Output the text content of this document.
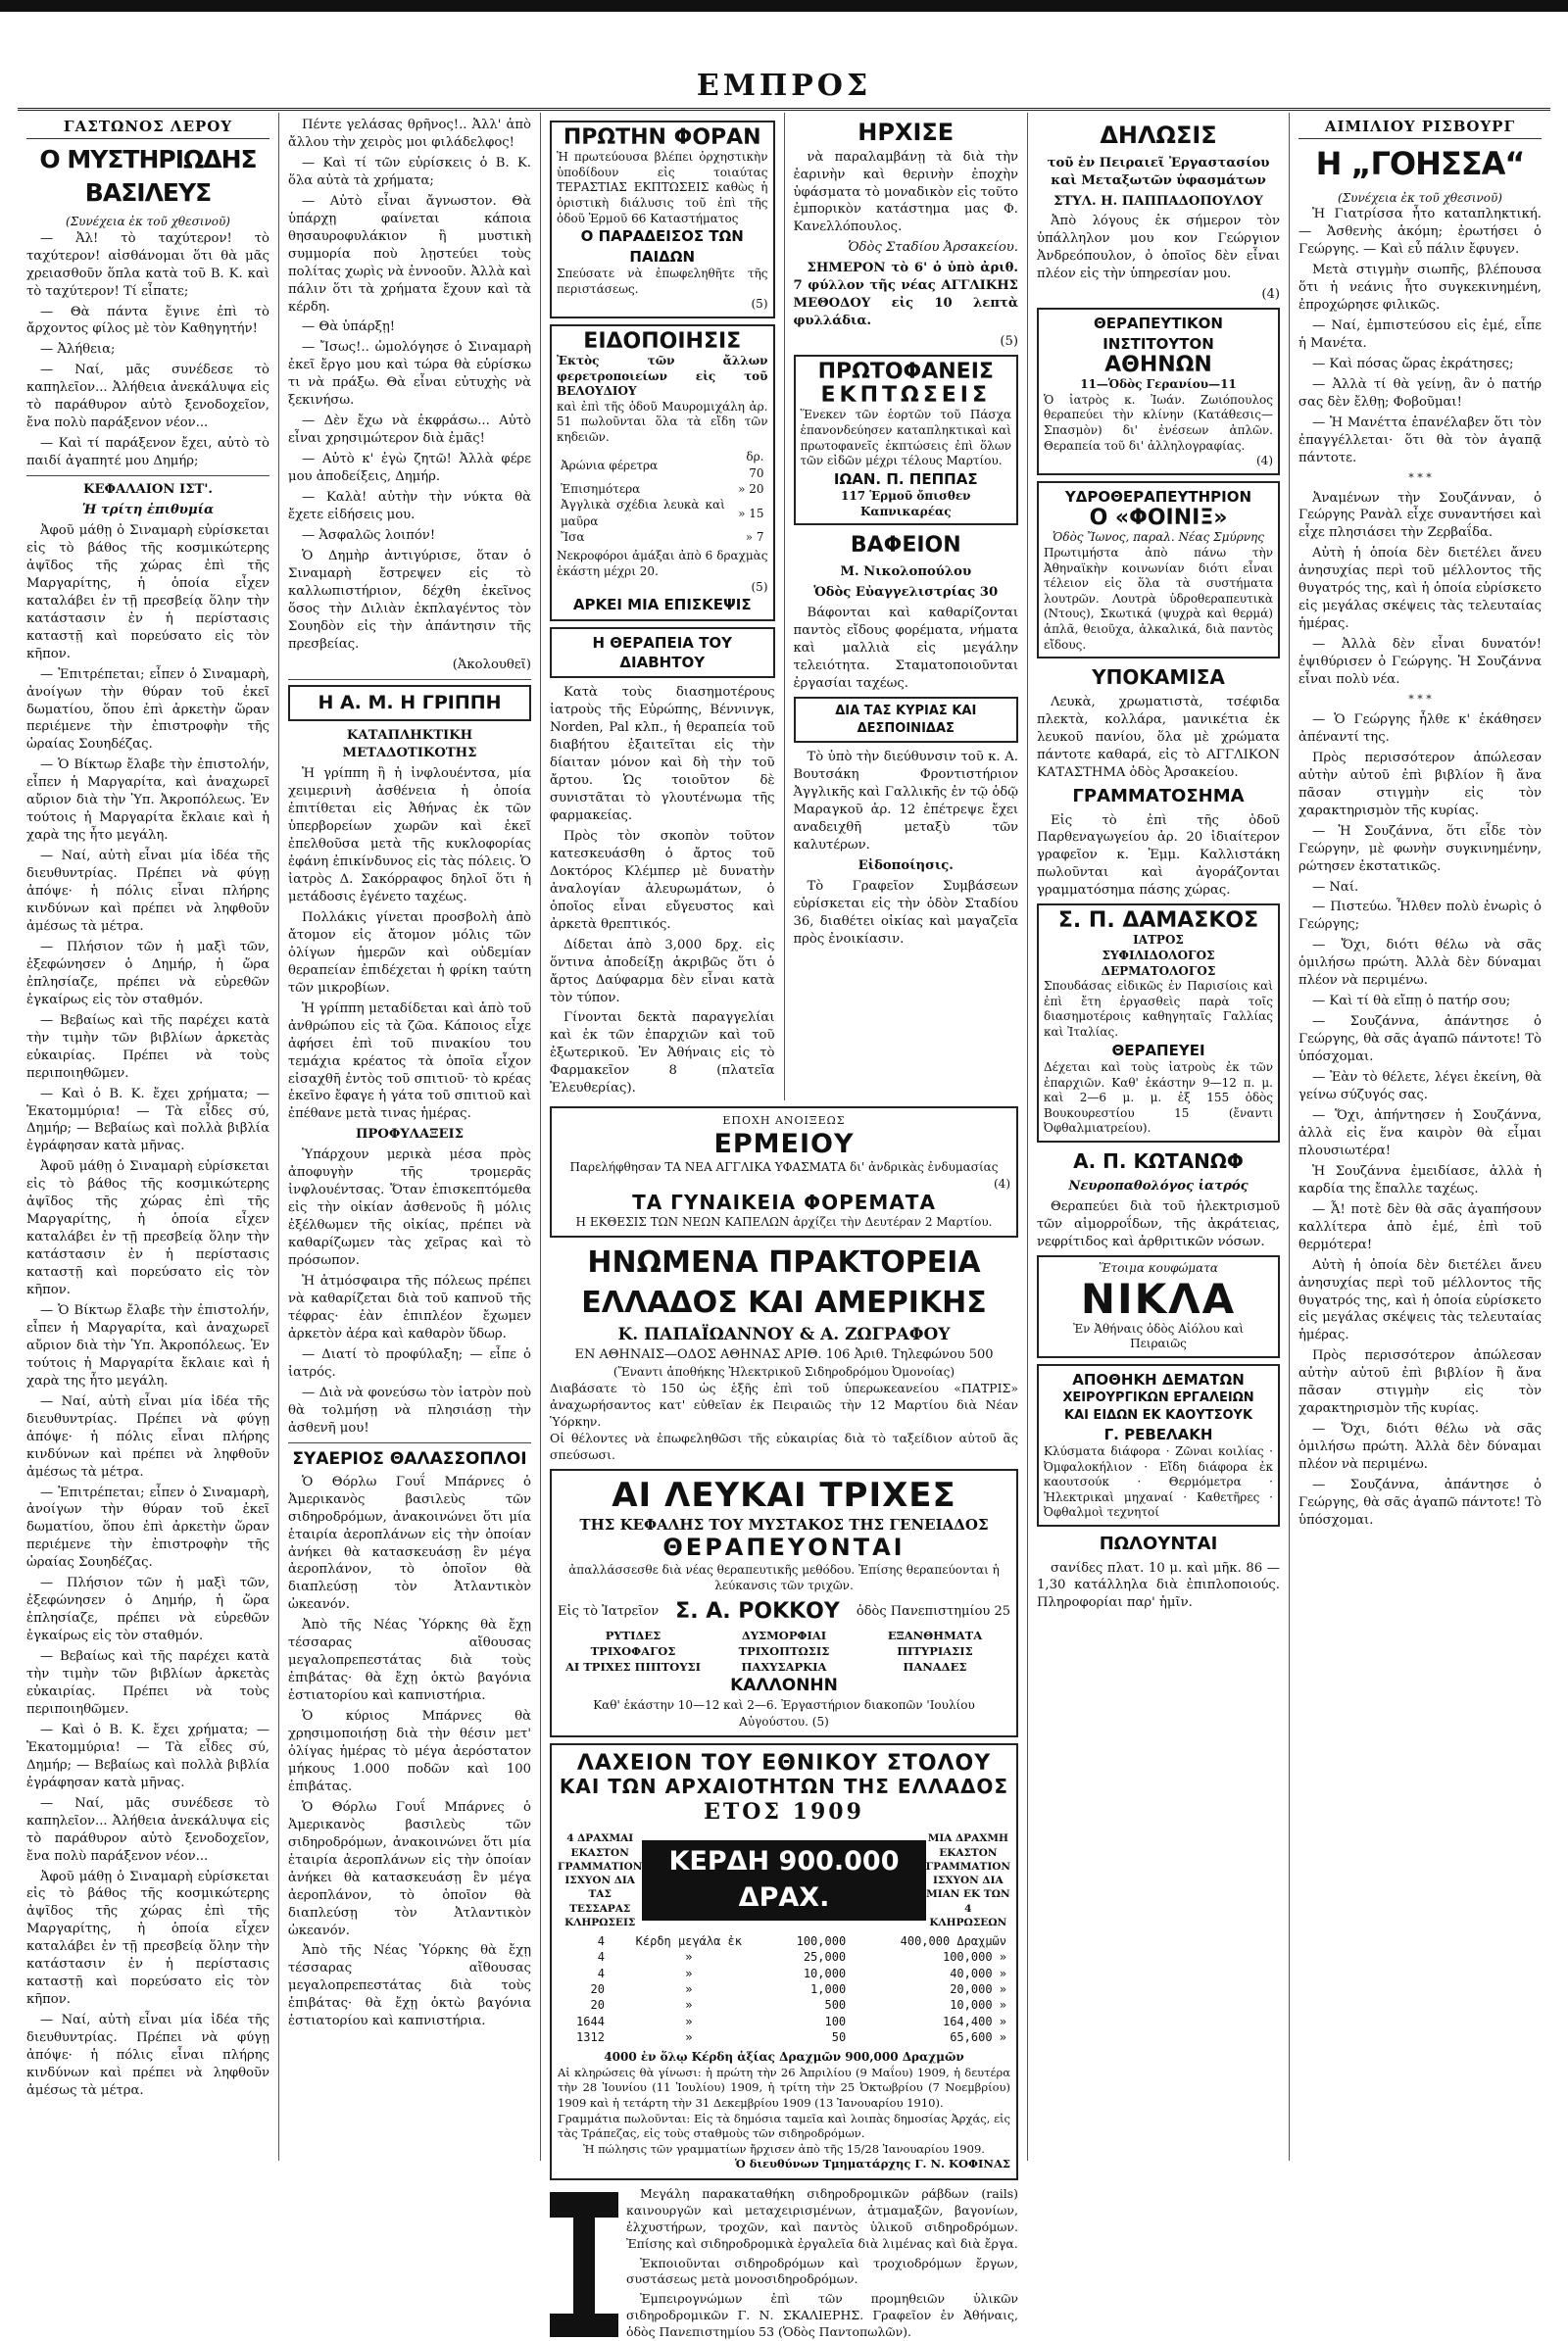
ΕΜΠΡΟΣ
ΓΑΣΤΩΝΟΣ ΛΕΡΟΥ
Ο ΜΥΣΤΗΡΙΩΔΗΣ ΒΑΣΙΛΕΥΣ
(Συνέχεια ἐκ τοῦ χθεσινοῦ)

— Ἀλ! τὸ ταχύτερον! τὸ ταχύτερον! αἰσθάνομαι ὅτι θὰ μᾶς χρειασθοῦν ὅπλα κατὰ τοῦ Β. Κ. καὶ τὸ ταχύτερον! Τί εἶπατε;

— Θὰ πάντα ἔγινε ἐπὶ τὸ ἄρχοντος φίλος μὲ τὸν Καθηγητήν!

— Ἀλήθεια;

— Ναί, μᾶς συνέδεσε τὸ καπηλεῖον... Ἀλήθεια ἀνεκάλυψα εἰς τὸ παράθυρον αὐτὸ ξενοδοχεῖον, ἔνα πολὺ παράξενον νέον...

— Καὶ τί παράξενον ἔχει, αὐτὸ τὸ παιδί ἀγαπητέ μου Δημήρ;

ΚΕΦΑΛΑΙΟΝ ΙΣΤ'.

Ἡ τρίτη ἐπιθυμία

Ἀφοῦ μάθῃ ὁ Σιναμαρὴ εὑρίσκεται εἰς τὸ βάθος τῆς κοσμικώτερης ἀψῖδος τῆς χώρας ἐπὶ τῆς Μαργαρίτης, ἡ ὁποία εἶχεν καταλάβει ἐν τῇ πρεσβείᾳ ὅλην τὴν κατάστασιν ἐν ἡ περίστασις καταστῇ καὶ πορεύσατο εἰς τὸν κῆπον.

— Ἐπιτρέπεται; εἶπεν ὁ Σιναμαρὴ, ἀνοίγων τὴν θύραν τοῦ ἐκεῖ δωματίου, ὅπου ἐπὶ ἀρκετὴν ὥραν περιέμενε τὴν ἐπιστροφὴν τῆς ὡραίας Σουηδέζας.

— Ὁ Βίκτωρ ἔλαβε τὴν ἐπιστολήν, εἶπεν ἡ Μαργαρίτα, καὶ ἀναχωρεῖ αὔριον διὰ τὴν Ὑπ. Ἀκροπόλεως. Ἐν τούτοις ἠ Μαργαρίτα ἔκλαιε καὶ ἡ χαρὰ της ἦτο μεγάλη.

— Ναί, αὐτὴ εἶναι μία ἰδέα τῆς διευθυντρίας. Πρέπει νὰ φύγῃ ἀπόψε· ἡ πόλις εἶναι πλήρης κινδύνων καὶ πρέπει νὰ ληφθοῦν ἀμέσως τὰ μέτρα.

— Πλήσιον τῶν ἡ μαξὶ τῶν, ἐξεφώνησεν ὁ Δημήρ, ἡ ὥρα ἐπλησίαζε, πρέπει νὰ εὑρεθῶν ἐγκαίρως εἰς τὸν σταθμόν.

— Βεβαίως καὶ τῆς παρέχει κατὰ τὴν τιμὴν τῶν βιβλίων ἀρκετὰς εὐκαιρίας. Πρέπει νὰ τοὺς περιποιηθῶμεν.

— Καὶ ὁ Β. Κ. ἔχει χρήματα; — Ἑκατομμύρια! — Τὰ εἶδες σύ, Δημήρ; — Βεβαίως καὶ πολλὰ βιβλία ἐγράφησαν κατὰ μῆνας.

Ἀφοῦ μάθῃ ὁ Σιναμαρὴ εὑρίσκεται εἰς τὸ βάθος τῆς κοσμικώτερης ἀψῖδος τῆς χώρας ἐπὶ τῆς Μαργαρίτης, ἡ ὁποία εἶχεν καταλάβει ἐν τῇ πρεσβείᾳ ὅλην τὴν κατάστασιν ἐν ἡ περίστασις καταστῇ καὶ πορεύσατο εἰς τὸν κῆπον.

— Ὁ Βίκτωρ ἔλαβε τὴν ἐπιστολήν, εἶπεν ἡ Μαργαρίτα, καὶ ἀναχωρεῖ αὔριον διὰ τὴν Ὑπ. Ἀκροπόλεως. Ἐν τούτοις ἠ Μαργαρίτα ἔκλαιε καὶ ἡ χαρὰ της ἦτο μεγάλη.

— Ναί, αὐτὴ εἶναι μία ἰδέα τῆς διευθυντρίας. Πρέπει νὰ φύγῃ ἀπόψε· ἡ πόλις εἶναι πλήρης κινδύνων καὶ πρέπει νὰ ληφθοῦν ἀμέσως τὰ μέτρα.

— Ἐπιτρέπεται; εἶπεν ὁ Σιναμαρὴ, ἀνοίγων τὴν θύραν τοῦ ἐκεῖ δωματίου, ὅπου ἐπὶ ἀρκετὴν ὥραν περιέμενε τὴν ἐπιστροφὴν τῆς ὡραίας Σουηδέζας.

— Πλήσιον τῶν ἡ μαξὶ τῶν, ἐξεφώνησεν ὁ Δημήρ, ἡ ὥρα ἐπλησίαζε, πρέπει νὰ εὑρεθῶν ἐγκαίρως εἰς τὸν σταθμόν.

— Βεβαίως καὶ τῆς παρέχει κατὰ τὴν τιμὴν τῶν βιβλίων ἀρκετὰς εὐκαιρίας. Πρέπει νὰ τοὺς περιποιηθῶμεν.

— Καὶ ὁ Β. Κ. ἔχει χρήματα; — Ἑκατομμύρια! — Τὰ εἶδες σύ, Δημήρ; — Βεβαίως καὶ πολλὰ βιβλία ἐγράφησαν κατὰ μῆνας.

— Ναί, μᾶς συνέδεσε τὸ καπηλεῖον... Ἀλήθεια ἀνεκάλυψα εἰς τὸ παράθυρον αὐτὸ ξενοδοχεῖον, ἔνα πολὺ παράξενον νέον...

Ἀφοῦ μάθῃ ὁ Σιναμαρὴ εὑρίσκεται εἰς τὸ βάθος τῆς κοσμικώτερης ἀψῖδος τῆς χώρας ἐπὶ τῆς Μαργαρίτης, ἡ ὁποία εἶχεν καταλάβει ἐν τῇ πρεσβείᾳ ὅλην τὴν κατάστασιν ἐν ἡ περίστασις καταστῇ καὶ πορεύσατο εἰς τὸν κῆπον.

— Ναί, αὐτὴ εἶναι μία ἰδέα τῆς διευθυντρίας. Πρέπει νὰ φύγῃ ἀπόψε· ἡ πόλις εἶναι πλήρης κινδύνων καὶ πρέπει νὰ ληφθοῦν ἀμέσως τὰ μέτρα.

Πέντε γελάσας θρῆνος!.. Ἀλλ' ἀπὸ ἄλλου τὴν χειρὸς μοι φιλάδελφος!

— Καὶ τί τῶν εὑρίσκεις ὁ Β. Κ. ὅλα αὐτὰ τὰ χρήματα;

— Αὐτὸ εἶναι ἄγνωστον. Θὰ ὑπάρχῃ φαίνεται κάποια θησαυροφυλάκιον ἢ μυστικὴ συμμορία ποὺ λῃστεύει τοὺς πολίτας χωρὶς νὰ ἐννοοῦν. Ἀλλὰ καὶ πάλιν ὅτι τὰ χρήματα ἔχουν καὶ τὰ κέρδη.

— Θὰ ὑπάρξῃ!

— Ἴσως!.. ὡμολόγησε ὁ Σιναμαρὴ ἐκεῖ ἔργο μου καὶ τώρα θὰ εὑρίσκω τι νὰ πράξω. Θὰ εἶναι εὐτυχὴς νὰ ξεκινήσω.

— Δὲν ἔχω νὰ ἐκφράσω... Αὐτὸ εἶναι χρησιμώτερον διὰ ἐμᾶς!

— Αὐτὸ κ' ἐγὼ ζητῶ! Ἀλλὰ φέρε μου ἀποδείξεις, Δημήρ.

— Καλὰ! αὐτὴν τὴν νύκτα θὰ ἔχετε εἰδήσεις μου.

— Ἀσφαλῶς λοιπόν!

Ὁ Δημὴρ ἀντιγύρισε, ὅταν ὁ Σιναμαρὴ ἔστρεψεν εἰς τὸ καλλωπιστήριον, δέχθη ἐκεῖνος ὅσος τὴν Διλιὰν ἐκπλαγέντος τὸν Σουηδὸν εἰς τὴν ἀπάντησιν τῆς πρεσβείας.

(Ἀκολουθεῖ)

Η Α. Μ. Η ΓΡΙΠΠΗ
ΚΑΤΑΠΛΗΚΤΙΚΗ ΜΕΤΑΔΟΤΙΚΟΤΗΣ

Ἡ γρίππη ἢ ἡ ἰνφλουέντσα, μία χειμερινὴ ἀσθένεια ἡ ὁποία ἐπιτίθεται εἰς Ἀθήνας ἐκ τῶν ὑπερβορείων χωρῶν καὶ ἐκεῖ ἐπελθοῦσα μετὰ τῆς κυκλοφορίας ἐφάνη ἐπικίνδυνος εἰς τὰς πόλεις. Ὁ ἰατρὸς Δ. Σακόρραφος δηλοῖ ὅτι ἡ μετάδοσις ἐγένετο ταχέως.

Πολλάκις γίνεται προσβολὴ ἀπὸ ἄτομον εἰς ἄτομον μόλις τῶν ὀλίγων ἡμερῶν καὶ οὐδεμίαν θεραπείαν ἐπιδέχεται ἡ φρίκη ταύτη τῶν μικροβίων.

Ἡ γρίππη μεταδίδεται καὶ ἀπὸ τοῦ ἀνθρώπου εἰς τὰ ζῶα. Κάποιος εἶχε ἀφήσει ἐπὶ τοῦ πινακίου του τεμάχια κρέατος τὰ ὁποῖα εἶχον εἰσαχθῆ ἐντὸς τοῦ σπιτιοῦ· τὸ κρέας ἐκεῖνο ἔφαγε ἡ γάτα τοῦ σπιτιοῦ καὶ ἐπέθανε μετὰ τινας ἡμέρας.

ΠΡΟΦΥΛΑΞΕΙΣ

Ὑπάρχουν μερικὰ μέσα πρὸς ἀποφυγὴν τῆς τρομερᾶς ἰνφλουέντσας. Ὅταν ἐπισκεπτόμεθα εἰς τὴν οἰκίαν ἀσθενοῦς ἢ μόλις ἐξέλθωμεν τῆς οἰκίας, πρέπει νὰ καθαρίζωμεν τὰς χεῖρας καὶ τὸ πρόσωπον.

Ἡ ἀτμόσφαιρα τῆς πόλεως πρέπει νὰ καθαρίζεται διὰ τοῦ καπνοῦ τῆς τέφρας· ἐὰν ἐπιπλέον ἔχωμεν ἀρκετὸν ἀέρα καὶ καθαρὸν ὕδωρ.

— Διατί τὸ προφύλαξη; — εἶπε ὁ ἰατρός.

— Διὰ νὰ φονεύσω τὸν ἰατρὸν ποὺ θὰ τολμήσῃ νὰ πλησιάσῃ τὴν ἀσθενῆ μου!

ΣΥΑΕΡΙΟΣ ΘΑΛΑΣΣΟΠΛΟΙ

Ὁ Θόρλω Γουΐ Μπάρνες ὁ Ἀμερικανὸς βασιλεὺς τῶν σιδηροδρόμων, ἀνακοινώνει ὅτι μία ἑταιρία ἀεροπλάνων εἰς τὴν ὁποίαν ἀνήκει θὰ κατασκευάσῃ ἓν μέγα ἀεροπλάνον, τὸ ὁποῖον θὰ διαπλεύσῃ τὸν Ἀτλαντικὸν ὠκεανόν.

Ἀπὸ τῆς Νέας Ὑόρκης θὰ ἔχῃ τέσσαρας αἴθουσας μεγαλοπρεπεστάτας διὰ τοὺς ἐπιβάτας· θὰ ἔχῃ ὀκτὼ βαγόνια ἑστιατορίου καὶ καπνιστήρια.

Ὁ κύριος Μπάρνες θὰ χρησιμοποιήσῃ διὰ τὴν θέσιν μετ' ὀλίγας ἡμέρας τὸ μέγα ἀερόστατον μήκους 1.000 ποδῶν καὶ 100 ἐπιβάτας.

Ὁ Θόρλω Γουΐ Μπάρνες ὁ Ἀμερικανὸς βασιλεὺς τῶν σιδηροδρόμων, ἀνακοινώνει ὅτι μία ἑταιρία ἀεροπλάνων εἰς τὴν ὁποίαν ἀνήκει θὰ κατασκευάσῃ ἓν μέγα ἀεροπλάνον, τὸ ὁποῖον θὰ διαπλεύσῃ τὸν Ἀτλαντικὸν ὠκεανόν.

Ἀπὸ τῆς Νέας Ὑόρκης θὰ ἔχῃ τέσσαρας αἴθουσας μεγαλοπρεπεστάτας διὰ τοὺς ἐπιβάτας· θὰ ἔχῃ ὀκτὼ βαγόνια ἑστιατορίου καὶ καπνιστήρια.

ΠΡΩΤΗΝ ΦΟΡΑΝ
Ἡ πρωτεύουσα βλέπει ὀρχηστικὴν ὑποδίδουν εἰς τοιαύτας ΤΕΡΑΣΤΙΑΣ ΕΚΠΤΩΣΕΙΣ καθὼς ἡ ὀριστικὴ διάλυσις τοῦ ἐπὶ τῆς ὁδοῦ Ἑρμοῦ 66 Καταστήματος
Ο ΠΑΡΑΔΕΙΣΟΣ ΤΩΝ ΠΑΙΔΩΝ
Σπεύσατε νὰ ἐπωφεληθῆτε τῆς περιστάσεως.
(5)
ΕΙΔΟΠΟΙΗΣΙΣ
Ἐκτὸς τῶν ἄλλων φερετροποιείων εἰς τοῦ ΒΕΛΟΥΔΙΟΥ
καὶ ἐπὶ τῆς ὁδοῦ Μαυρομιχάλη ἀρ. 51 πωλοῦνται ὅλα τὰ εἴδη τῶν κηδειῶν.
Ἀρώνια φέρετρα	δρ. 70
Ἐπισημότερα	» 20
Ἀγγλικὰ σχέδια λευκὰ καὶ μαῦρα	» 15
Ἴσα	» 7
Νεκροφόροι ἀμάξαι ἀπὸ 6 δραχμὰς ἑκάστη μέχρι 20.
(5)
ΑΡΚΕΙ ΜΙΑ ΕΠΙΣΚΕΨΙΣ
Η ΘΕΡΑΠΕΙΑ ΤΟΥ ΔΙΑΒΗΤΟΥ

Κατὰ τοὺς διασημοτέρους ἰατροὺς τῆς Εὐρώπης, Βέννινγκ, Norden, Pal κλπ., ἡ θεραπεία τοῦ διαβήτου ἐξαιτεῖται εἰς τὴν δίαιταν μόνον καὶ δὴ τὴν τοῦ ἄρτου. Ὡς τοιοῦτον δὲ συνιστᾶται τὸ γλουτένωμα τῆς φαρμακείας.

Πρὸς τὸν σκοπὸν τοῦτον κατεσκευάσθη ὁ ἄρτος τοῦ Δοκτόρος Κλέμπερ μὲ δυνατὴν ἀναλογίαν ἀλευρωμάτων, ὁ ὁποῖος εἶναι εὔγευστος καὶ ἀρκετὰ θρεπτικός.

Δίδεται ἀπὸ 3,000 δρχ. εἰς ὅντινα ἀποδείξῃ ἀκριβῶς ὅτι ὁ ἄρτος Δαύφαρμα δὲν εἶναι κατὰ τὸν τύπον.

Γίνονται δεκτὰ παραγγελίαι καὶ ἐκ τῶν ἐπαρχιῶν καὶ τοῦ ἐξωτερικοῦ. Ἐν Ἀθήναις εἰς τὸ Φαρμακεῖον 8 (πλατεῖα Ἐλευθερίας).

ΗΡΧΙΣΕ

νὰ παραλαμβάνῃ τὰ διὰ τὴν ἐαρινὴν καὶ θερινὴν ἐποχὴν ὑφάσματα τὸ μοναδικὸν εἰς τοῦτο ἐμπορικὸν κατάστημα μας Φ. Κανελλόπουλος.

Ὁδὸς Σταδίου Ἀρσακείου.

ΣΗΜΕΡΟΝ τὸ 6' ὁ ὑπὸ ἀριθ. 7 φύλλον τῆς νέας ΑΓΓΛΙΚΗΣ ΜΕΘΟΔΟΥ εἰς 10 λεπτὰ φυλλάδια.

(5)

ΠΡΩΤΟΦΑΝΕΙΣ
ΕΚΠΤΩΣΕΙΣ
Ἕνεκεν τῶν ἑορτῶν τοῦ Πάσχα ἐπανονδεύησεν καταπληκτικαὶ καὶ πρωτοφανεῖς ἐκπτώσεις ἐπὶ ὅλων τῶν εἰδῶν μέχρι τέλους Μαρτίου.
ΙΩΑΝ. Π. ΠΕΠΠΑΣ
117 Ἑρμοῦ ὄπισθεν Καπνικαρέας
ΒΑΦΕΙΟΝ

Μ. Νικολοπούλου

Ὁδὸς Εὐαγγελιστρίας 30

Βάφονται καὶ καθαρίζονται παντὸς εἴδους φορέματα, νήματα καὶ μαλλιὰ εἰς μεγάλην τελειότητα. Σταματοποιοῦνται ἐργασίαι ταχέως.

ΔΙΑ ΤΑΣ ΚΥΡΙΑΣ ΚΑΙ ΔΕΣΠΟΙΝΙΔΑΣ

Τὸ ὑπὸ τὴν διεύθυνσιν τοῦ κ. Α. Βουτσάκη Φροντιστήριον Ἀγγλικῆς καὶ Γαλλικῆς ἐν τῷ ὁδῷ Μαραγκοῦ ἀρ. 12 ἐπέτρεψε ἔχει αναδειχθῆ μεταξὺ τῶν καλυτέρων.

Εἰδοποίησις.

Τὸ Γραφεῖον Συμβάσεων εὑρίσκεται εἰς τὴν ὁδὸν Σταδίου 36, διαθέτει οἰκίας καὶ μαγαζεῖα πρὸς ἐνοικίασιν.

ΕΠΟΧΗ ΑΝΟΙΞΕΩΣ
ΕΡΜΕΙΟΥ
Παρελήφθησαν ΤΑ ΝΕΑ ΑΓΓΛΙΚΑ ΥΦΑΣΜΑΤΑ δι' ἀνδρικὰς ἐνδυμασίας
(4)
ΤΑ ΓΥΝΑΙΚΕΙΑ ΦΟΡΕΜΑΤΑ
Η ΕΚΘΕΣΙΣ ΤΩΝ ΝΕΩΝ ΚΑΠΕΛΩΝ ἀρχίζει τὴν Δευτέραν 2 Μαρτίου.
ΗΝΩΜΕΝΑ ΠΡΑΚΤΟΡΕΙΑ
ΕΛΛΑΔΟΣ ΚΑΙ ΑΜΕΡΙΚΗΣ
Κ. ΠΑΠΑΪΩΑΝΝΟΥ & Α. ΖΩΓΡΑΦΟΥ
ΕΝ ΑΘΗΝΑΙΣ—ΟΔΟΣ ΑΘΗΝΑΣ ΑΡΙΘ. 106 Ἀριθ. Τηλεφώνου 500
(Ἔναντι ἀποθήκης Ἠλεκτρικοῦ Σιδηροδρόμου Ὀμονοίας)
Διαβάσατε τὸ 150 ὡς ἑξῆς ἐπὶ τοῦ ὑπερωκεανείου «ΠΑΤΡΙΣ» ἀναχωρήσαντος κατ' εὐθεῖαν ἐκ Πειραιῶς τὴν 12 Μαρτίου διὰ Νέαν Ὑόρκην.
Οἱ θέλοντες νὰ ἐπωφεληθῶσι τῆς εὐκαιρίας διὰ τὸ ταξείδιον αὐτοῦ ἂς σπεύσωσι.
ΑΙ ΛΕΥΚΑΙ ΤΡΙΧΕΣ
ΤΗΣ ΚΕΦΑΛΗΣ ΤΟΥ ΜΥΣΤΑΚΟΣ ΤΗΣ ΓΕΝΕΙΑΔΟΣ
ΘΕΡΑΠΕΥΟΝΤΑΙ
ἀπαλλάσσεσθε διὰ νέας θεραπευτικῆς μεθόδου. Ἐπίσης θεραπεύονται ἡ λεύκανσις τῶν τριχῶν.
Εἰς τὸ Ἰατρεῖον Σ. Α. ΡΟΚΚΟΥ ὁδὸς Πανεπιστημίου 25
ΡΥΤΙΔΕΣ	ΔΥΣΜΟΡΦΙΑΙ	ΕΞΑΝΘΗΜΑΤΑ
ΤΡΙΧΟΦΑΓΟΣ	ΤΡΙΧΟΠΤΩΣΙΣ	ΠΙΤΥΡΙΑΣΙΣ
ΑΙ ΤΡΙΧΕΣ ΠΙΠΤΟΥΣΙ	ΠΑΧΥΣΑΡΚΙΑ	ΠΑΝΑΔΕΣ
ΚΑΛΛΟΝΗΝ
Καθ' ἑκάστην 10—12 καὶ 2—6. Ἐργαστήριον διακοπῶν 'Ιουλίου Αὐγούστου. (5)
ΛΑΧΕΙΟΝ ΤΟΥ ΕΘΝΙΚΟΥ ΣΤΟΛΟΥ
ΚΑΙ ΤΩΝ ΑΡΧΑΙΟΤΗΤΩΝ ΤΗΣ ΕΛΛΑΔΟΣ
ΕΤΟΣ 1909
4 ΔΡΑΧΜΑΙ ΕΚΑΣΤΟΝ ΓΡΑΜΜΑΤΙΟΝ ΙΣΧΥΟΝ ΔΙΑ ΤΑΣ ΤΕΣΣΑΡΑΣ ΚΛΗΡΩΣΕΙΣ
ΚΕΡΔΗ 900.000 ΔΡΑΧ.
ΜΙΑ ΔΡΑΧΜΗ ΕΚΑΣΤΟΝ ΓΡΑΜΜΑΤΙΟΝ ΙΣΧΥΟΝ ΔΙΑ ΜΙΑΝ ΕΚ ΤΩΝ 4 ΚΛΗΡΩΣΕΩΝ
4	Κέρδη μεγάλα ἐκ	100,000	400,000 Δραχμῶν
4	»	25,000	100,000 »
4	»	10,000	40,000 »
20	»	1,000	20,000 »
20	»	500	10,000 »
1644	»	100	164,400 »
1312	»	50	65,600 »
4000 ἐν ὅλῳ Κέρδη ἀξίας Δραχμῶν 900,000 Δραχμῶν
Αἱ κληρώσεις θὰ γίνωσι: ἡ πρώτη τὴν 26 Ἀπριλίου (9 Μαΐου) 1909, ἡ δευτέρα τὴν 28 Ἰουνίου (11 Ἰουλίου) 1909, ἡ τρίτη τὴν 25 Ὀκτωβρίου (7 Νοεμβρίου) 1909 καὶ ἡ τετάρτη τὴν 31 Δεκεμβρίου 1909 (13 Ἰανουαρίου 1910).
Γραμμάτια πωλοῦνται: Εἰς τὰ δημόσια ταμεῖα καὶ λοιπὰς δημοσίας Ἀρχάς, εἰς τὰς Τράπεζας, εἰς τοὺς σταθμοὺς τῶν σιδηροδρόμων.
Ἡ πώλησις τῶν γραμματίων ἤρχισεν ἀπὸ τῆς 15/28 Ἰανουαρίου 1909.
Ὁ διευθύνων Τμηματάρχης Γ. Ν. ΚΟΦΙΝΑΣ

Μεγάλη παρακαταθήκη σιδηροδρομικῶν ράβδων (rails) καινουργῶν καὶ μεταχειρισμένων, ἁτμαμαξῶν, βαγονίων, ἐλχυστήρων, τροχῶν, καὶ παντὸς ὑλικοῦ σιδηροδρόμων. Ἐπίσης καὶ σιδηροδρομικὰ ἐργαλεῖα διὰ λιμένας καὶ διὰ ἔργα.

Ἐκποιοῦνται σιδηροδρόμων καὶ τροχιοδρόμων ἔργων, συστάσεως μετὰ μονοσιδηροδρόμων.

Ἐμπειρογνώμων ἐπὶ τῶν προμηθειῶν ὑλικῶν σιδηροδρομικῶν Γ. Ν. ΣΚΑΛΙΕΡΗΣ. Γραφεῖον ἐν Ἀθήναις, ὁδὸς Πανεπιστημίου 53 (Ὁδὸς Παντοπωλῶν).

ΔΗΛΩΣΙΣ

τοῦ ἐν Πειραιεῖ Ἐργαστασίου καὶ Μεταξωτῶν ὑφασμάτων

ΣΤΥΛ. Η. ΠΑΠΠΑΔΟΠΟΥΛΟΥ

Ἀπὸ λόγους ἐκ σήμερον τὸν ὑπάλληλον μου κον Γεώργιον Ἀνδρεόπουλον, ὁ ὁποῖος δὲν εἶναι πλέον εἰς τὴν ὑπηρεσίαν μου.

(4)

ΘΕΡΑΠΕΥΤΙΚΟΝ ΙΝΣΤΙΤΟΥΤΟΝ
ΑΘΗΝΩΝ
11—Ὁδὸς Γερανίου—11
Ὁ ἰατρὸς κ. Ἰωάν. Ζωιόπουλος θεραπεύει τὴν κλίνην (Κατάθεσις—Σπασμὸν) δι' ἐνέσεων ἀπλῶν. Θεραπεία τοῦ δι' ἀλληλογραφίας.
(4)
ΥΔΡΟΘΕΡΑΠΕΥΤΗΡΙΟΝ
Ο «ΦΟΙΝΙΞ»
Ὁδὸς Ἴωνος, παραλ. Νέας Σμύρνης
Πρωτιμήστα ἀπὸ πάνω τὴν Ἀθηναϊκὴν κοινωνίαν διότι εἶναι τέλειον εἰς ὅλα τὰ συστήματα λουτρῶν. Λουτρὰ ὑδροθεραπευτικὰ (Ντους), Σκωτικά (ψυχρὰ καὶ θερμά) ἁπλᾶ, θειοῦχα, ἀλκαλικά, διὰ παντὸς εἴδους.
ΥΠΟΚΑΜΙΣΑ

Λευκὰ, χρωματιστὰ, τσέφιδα πλεκτὰ, κολλάρα, μανικέτια ἐκ λευκοῦ πανίου, ὅλα μὲ χρώματα πάντοτε καθαρά, εἰς τὸ ΑΓΓΛΙΚΟΝ ΚΑΤΑΣΤΗΜΑ ὁδὸς Ἀρσακείου.

ΓΡΑΜΜΑΤΟΣΗΜΑ

Εἰς τὸ ἐπὶ τῆς ὁδοῦ Παρθεναγωγείου ἀρ. 20 ἰδιαίτερον γραφεῖον κ. Ἐμμ. Καλλιστάκη πωλοῦνται καὶ ἀγοράζονται γραμματόσημα πάσης χώρας.

Σ. Π. ΔΑΜΑΣΚΟΣ
ΙΑΤΡΟΣ
ΣΥΦΙΛΙΔΟΛΟΓΟΣ
ΔΕΡΜΑΤΟΛΟΓΟΣ
Σπουδάσας εἰδικῶς ἐν Παρισίοις καὶ ἐπὶ ἔτη ἐργασθεὶς παρὰ τοῖς διασημοτέροις καθηγηταῖς Γαλλίας καὶ Ἰταλίας.
ΘΕΡΑΠΕΥΕΙ
Δέχεται καὶ τοὺς ἰατροὺς ἐκ τῶν ἐπαρχιῶν. Καθ' ἑκάστην 9—12 π. μ. καὶ 2—6 μ. μ. ἐξ 155 ὁδὸς Βουκουρεστίου 15 (ἔναντι Ὀφθαλμιατρείου).
Α. Π. ΚΩΤΑΝΩΦ

Νευροπαθολόγος ἰατρός

Θεραπεύει διὰ τοῦ ἠλεκτρισμοῦ τῶν αἱμορροΐδων, τῆς ἀκράτειας, νεφρίτιδος καὶ ἀρθριτικῶν νόσων.

Ἕτοιμα κουφώματα
ΝΙΚΛΑ
Ἐν Ἀθήναις ὁδὸς Αἰόλου καὶ Πειραιῶς
ΑΠΟΘΗΚΗ ΔΕΜΑΤΩΝ
ΧΕΙΡΟΥΡΓΙΚΩΝ ΕΡΓΑΛΕΙΩΝ
ΚΑΙ ΕΙΔΩΝ ΕΚ ΚΑΟΥΤΣΟΥΚ
Γ. ΡΕΒΕΛΑΚΗ
Κλύσματα διάφορα · Ζῶναι κοιλίας · Ὀμφαλοκήλιον · Εἴδη διάφορα ἐκ καουτσούκ · Θερμόμετρα · Ἠλεκτρικαὶ μηχαναί · Καθετῆρες · Ὀφθαλμοὶ τεχνητοί
ΠΩΛΟΥΝΤΑΙ

σανίδες πλατ. 10 μ. καὶ μῆκ. 86 —1,30 κατάλληλα διὰ ἐπιπλοποιούς. Πληροφορίαι παρ' ἡμῖν.

ΑΙΜΙΛΙΟΥ ΡΙΣΒΟΥΡΓ
Η „ΓΟΗΣΣΑ“
(Συνέχεια ἐκ τοῦ χθεσινοῦ)

Ἡ Γιατρίσσα ἦτο καταπληκτική. — Ἀσθενὴς ἀκόμη; ἐρωτήσει ὁ Γεώργης. — Καὶ εὖ πάλιν ἔφυγεν.

Μετὰ στιγμὴν σιωπῆς, βλέπουσα ὅτι ἡ νεάνις ἦτο συγκεκινημένη, ἐπροχώρησε φιλικῶς.

— Ναί, ἐμπιστεύσου εἰς ἐμέ, εἶπε ἡ Μανέτα.

— Καὶ πόσας ὥρας ἐκράτησες;

— Ἀλλὰ τί θὰ γείνῃ, ἂν ὁ πατήρ σας δὲν ἔλθῃ; Φοβοῦμαι!

— Ἡ Μανέττα ἐπανέλαβεν ὅτι τὸν ἐπαγγέλλεται· ὅτι θὰ τὸν ἀγαπᾷ πάντοτε.

* * *

Ἀναμένων τὴν Σουζάνναν, ὁ Γεώργης Ρανὰλ εἶχε συναντήσει καὶ εἶχε πλησιάσει τὴν Ζερβαΐδα.

Αὐτὴ ἡ ὁποία δὲν διετέλει ἄνευ ἀνησυχίας περὶ τοῦ μέλλοντος τῆς θυγατρός της, καὶ ἡ ὁποία εὑρίσκετο εἰς μεγάλας σκέψεις τὰς τελευταίας ἡμέρας.

— Ἀλλὰ δὲν εἶναι δυνατόν! ἐψιθύρισεν ὁ Γεώργης. Ἡ Σουζάννα εἶναι πολὺ νέα.

* * *

— Ὁ Γεώργης ἦλθε κ' ἐκάθησεν ἀπέναντί της.

Πρὸς περισσότερον ἀπώλεσαν αὐτὴν αὐτοῦ ἐπὶ βιβλίον ἢ ἄνα πᾶσαν στιγμὴν εἰς τὸν χαρακτηρισμὸν τῆς κυρίας.

— Ἡ Σουζάννα, ὅτι εἶδε τὸν Γεώργην, μὲ φωνὴν συγκινημένην, ρώτησεν ἐκστατικῶς.

— Ναί.

— Πιστεύω. Ἦλθεν πολὺ ἐνωρὶς ὁ Γεώργης;

— Ὄχι, διότι θέλω νὰ σᾶς ὁμιλήσω πρώτη. Ἀλλὰ δὲν δύναμαι πλέον νὰ περιμένω.

— Καὶ τί θὰ εἴπῃ ὁ πατήρ σου;

— Σουζάννα, ἀπάντησε ὁ Γεώργης, θὰ σᾶς ἀγαπῶ πάντοτε! Τὸ ὑπόσχομαι.

— Ἐὰν τὸ θέλετε, λέγει ἐκείνη, θὰ γείνω σύζυγός σας.

— Ὅχι, ἀπήντησεν ἡ Σουζάννα, ἀλλὰ εἰς ἕνα καιρὸν θὰ εἶμαι πλουσιωτέρα!

Ἡ Σουζάννα ἐμειδίασε, ἀλλὰ ἡ καρδία της ἔπαλλε ταχέως.

— Ἆ! ποτὲ δὲν θὰ σᾶς ἀγαπήσουν καλλίτερα ἀπὸ ἐμέ, ἐπὶ τοῦ θερμότερα!

Αὐτὴ ἡ ὁποία δὲν διετέλει ἄνευ ἀνησυχίας περὶ τοῦ μέλλοντος τῆς θυγατρός της, καὶ ἡ ὁποία εὑρίσκετο εἰς μεγάλας σκέψεις τὰς τελευταίας ἡμέρας.

Πρὸς περισσότερον ἀπώλεσαν αὐτὴν αὐτοῦ ἐπὶ βιβλίον ἢ ἄνα πᾶσαν στιγμὴν εἰς τὸν χαρακτηρισμὸν τῆς κυρίας.

— Ὄχι, διότι θέλω νὰ σᾶς ὁμιλήσω πρώτη. Ἀλλὰ δὲν δύναμαι πλέον νὰ περιμένω.

— Σουζάννα, ἀπάντησε ὁ Γεώργης, θὰ σᾶς ἀγαπῶ πάντοτε! Τὸ ὑπόσχομαι.
